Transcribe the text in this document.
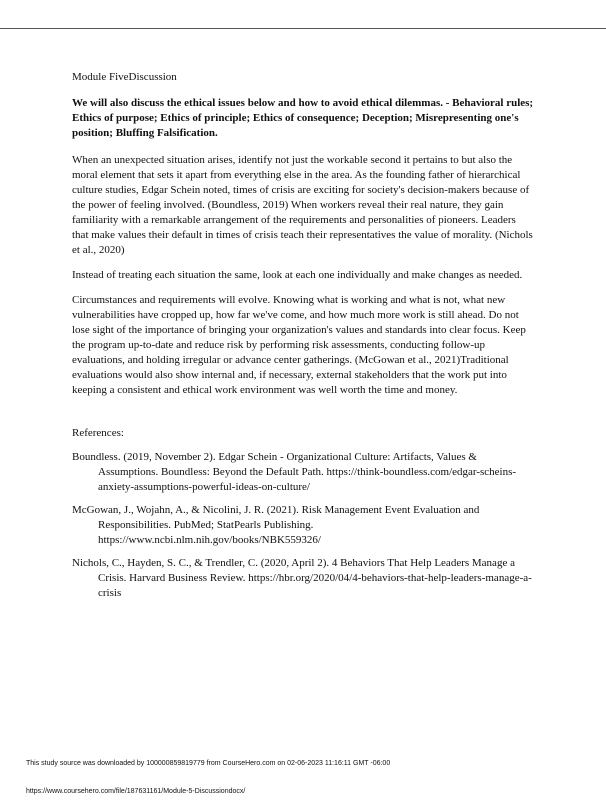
Module FiveDiscussion
We will also discuss the ethical issues below and how to avoid ethical dilemmas. - Behavioral rules; Ethics of purpose; Ethics of principle; Ethics of consequence; Deception; Misrepresenting one's position; Bluffing Falsification.

When an unexpected situation arises, identify not just the workable second it pertains to but also the moral element that sets it apart from everything else in the area. As the founding father of hierarchical culture studies, Edgar Schein noted, times of crisis are exciting for society's decision-makers because of the power of feeling involved. (Boundless, 2019) When workers reveal their real nature, they gain familiarity with a remarkable arrangement of the requirements and personalities of pioneers. Leaders that make values their default in times of crisis teach their representatives the value of morality. (Nichols et al., 2020)

Instead of treating each situation the same, look at each one individually and make changes as needed.

Circumstances and requirements will evolve. Knowing what is working and what is not, what new vulnerabilities have cropped up, how far we've come, and how much more work is still ahead. Do not lose sight of the importance of bringing your organization's values and standards into clear focus. Keep the program up-to-date and reduce risk by performing risk assessments, conducting follow-up evaluations, and holding irregular or advance center gatherings. (McGowan et al., 2021)Traditional evaluations would also show internal and, if necessary, external stakeholders that the work put into keeping a consistent and ethical work environment was well worth the time and money.

References:
Boundless. (2019, November 2). Edgar Schein - Organizational Culture: Artifacts, Values & Assumptions. Boundless: Beyond the Default Path. https://think-boundless.com/edgar-scheins-anxiety-assumptions-powerful-ideas-on-culture/
McGowan, J., Wojahn, A., & Nicolini, J. R. (2021). Risk Management Event Evaluation and Responsibilities. PubMed; StatPearls Publishing. https://www.ncbi.nlm.nih.gov/books/NBK559326/
Nichols, C., Hayden, S. C., & Trendler, C. (2020, April 2). 4 Behaviors That Help Leaders Manage a Crisis. Harvard Business Review. https://hbr.org/2020/04/4-behaviors-that-help-leaders-manage-a-crisis
This study source was downloaded by 100000859819779 from CourseHero.com on 02-06-2023 11:16:11 GMT -06:00
https://www.coursehero.com/file/187631161/Module-5-Discussiondocx/
